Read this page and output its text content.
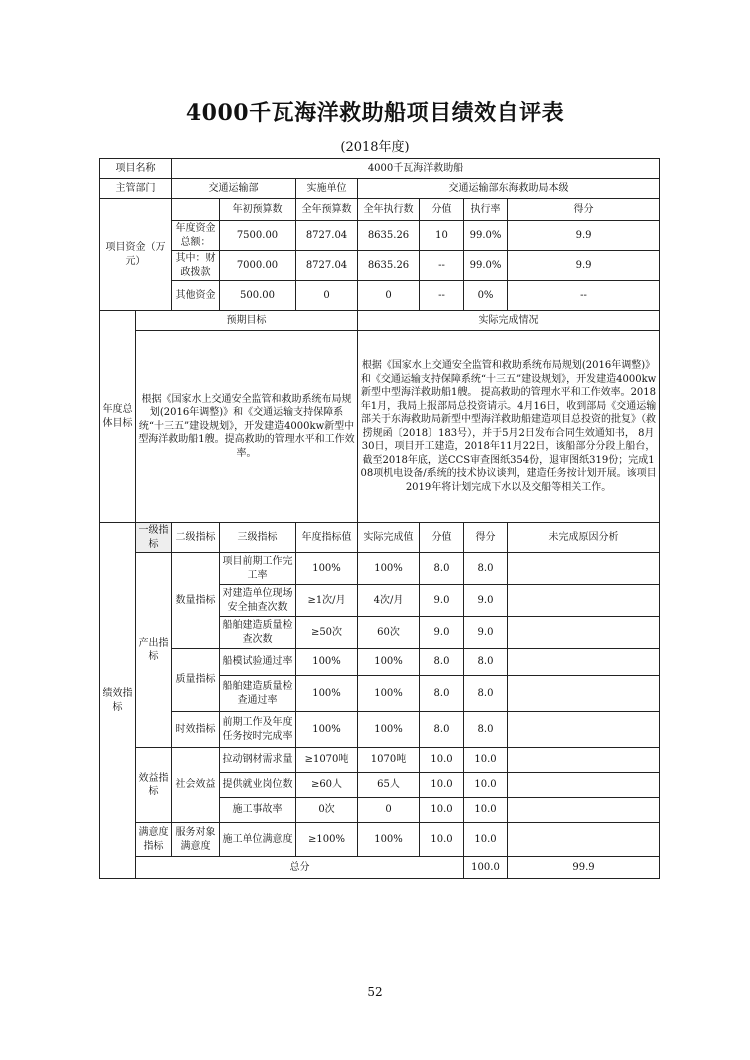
4000千瓦海洋救助船项目绩效自评表
(2018年度)
项目名称		4000千瓦海洋救助船							
主管部门		交通运输部		实施单位	交通运输部东海救助局本级				
项目资金（万元）			年初预算数	全年预算数	全年执行数	分值	执行率	得分	
		年度资金总额：	7500.00	8727.04	8635.26	10	99.0%	9.9	
		其中：财政拨款	7000.00	8727.04	8635.26	--	99.0%	9.9	
		其他资金	500.00	0	0	--	0%	--	
年度总体目标	预期目标				实际完成情况				
	根据《国家水上交通安全监管和救助系统布局规划(2016年调整)》和《交通运输支持保障系统“十三五”建设规划》，开发建造4000kw新型中型海洋救助船1艘。提高救助的管理水平和工作效率。				根据《国家水上交通安全监管和救助系统布局规划(2016年调整)》和《交通运输支持保障系统“十三五”建设规划》，开发建造4000kw新型中型海洋救助船1艘。 提高救助的管理水平和工作效率。2018年1月，我局上报部局总投资请示。4月16日，收到部局《交通运输部关于东海救助局新型中型海洋救助船建造项目总投资的批复》（救捞规函〔2018〕183号），并于5月2日发布合同生效通知书， 8月30日，项目开工建造，2018年11月22日，该船部分分段上船台，截至2018年底，送CCS审查图纸354份，退审图纸319份；完成108项机电设备/系统的技术协议谈判，建造任务按计划开展。该项目2019年将计划完成下水以及交船等相关工作。				
绩效指标	一级指标	二级指标	三级指标	年度指标值	实际完成值	分值	得分	未完成原因分析	
	产出指标	数量指标	项目前期工作完工率	100%	100%	8.0	8.0		
			对建造单位现场安全抽查次数	≥1次/月	4次/月	9.0	9.0		
			船舶建造质量检查次数	≥50次	60次	9.0	9.0		
		质量指标	船模试验通过率	100%	100%	8.0	8.0		
			船舶建造质量检查通过率	100%	100%	8.0	8.0		
		时效指标	前期工作及年度任务按时完成率	100%	100%	8.0	8.0		
	效益指标	社会效益	拉动钢材需求量	≥1070吨	1070吨	10.0	10.0		
			提供就业岗位数	≥60人	65人	10.0	10.0		
			施工事故率	0次	0	10.0	10.0		
	满意度指标	服务对象满意度	施工单位满意度	≥100%	100%	10.0	10.0		
	总分						100.0	99.9	
52
